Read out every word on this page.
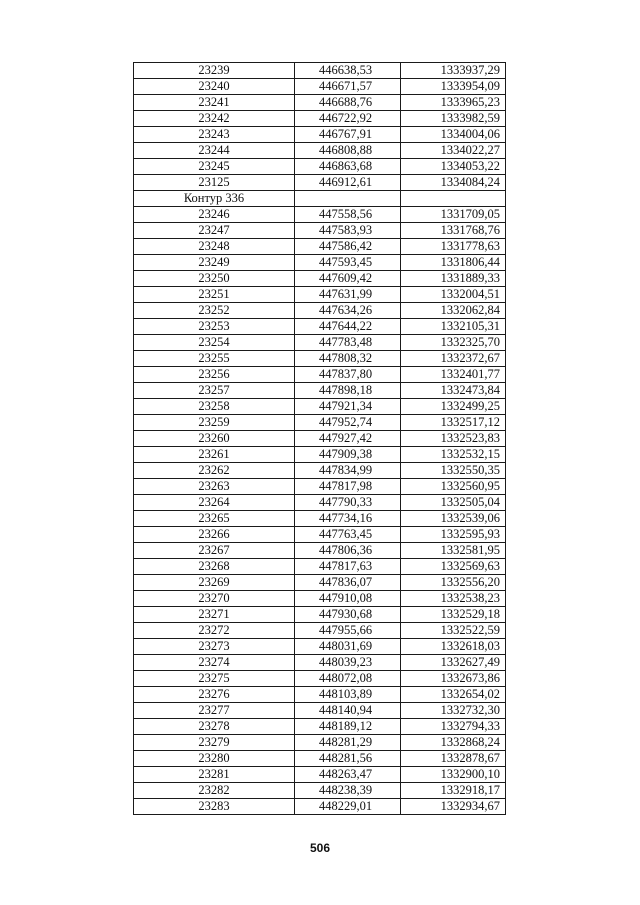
23239	446638,53	1333937,29
23240	446671,57	1333954,09
23241	446688,76	1333965,23
23242	446722,92	1333982,59
23243	446767,91	1334004,06
23244	446808,88	1334022,27
23245	446863,68	1334053,22
23125	446912,61	1334084,24
Контур 336		
23246	447558,56	1331709,05
23247	447583,93	1331768,76
23248	447586,42	1331778,63
23249	447593,45	1331806,44
23250	447609,42	1331889,33
23251	447631,99	1332004,51
23252	447634,26	1332062,84
23253	447644,22	1332105,31
23254	447783,48	1332325,70
23255	447808,32	1332372,67
23256	447837,80	1332401,77
23257	447898,18	1332473,84
23258	447921,34	1332499,25
23259	447952,74	1332517,12
23260	447927,42	1332523,83
23261	447909,38	1332532,15
23262	447834,99	1332550,35
23263	447817,98	1332560,95
23264	447790,33	1332505,04
23265	447734,16	1332539,06
23266	447763,45	1332595,93
23267	447806,36	1332581,95
23268	447817,63	1332569,63
23269	447836,07	1332556,20
23270	447910,08	1332538,23
23271	447930,68	1332529,18
23272	447955,66	1332522,59
23273	448031,69	1332618,03
23274	448039,23	1332627,49
23275	448072,08	1332673,86
23276	448103,89	1332654,02
23277	448140,94	1332732,30
23278	448189,12	1332794,33
23279	448281,29	1332868,24
23280	448281,56	1332878,67
23281	448263,47	1332900,10
23282	448238,39	1332918,17
23283	448229,01	1332934,67
506
